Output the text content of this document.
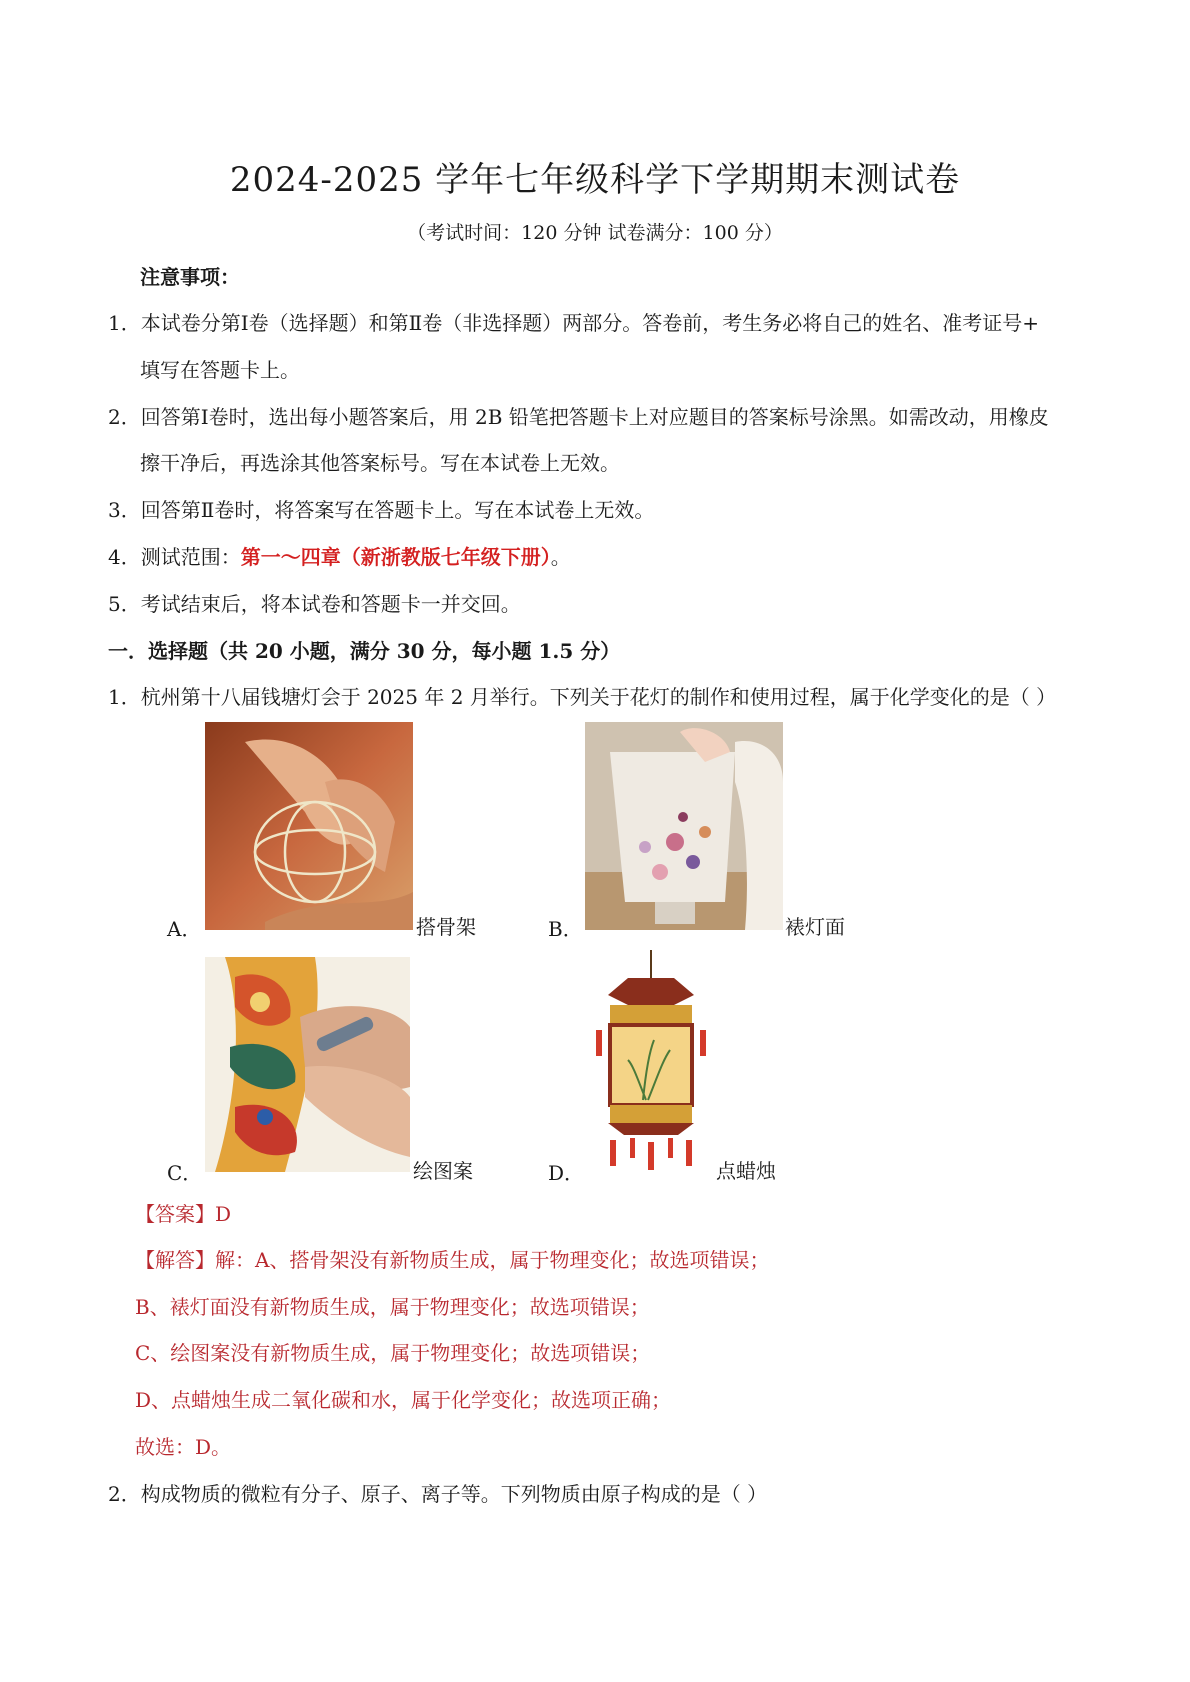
2024-2025 学年七年级科学下学期期末测试卷
（考试时间：120 分钟 试卷满分：100 分）
注意事项：
1．本试卷分第Ⅰ卷（选择题）和第Ⅱ卷（非选择题）两部分。答卷前，考生务必将自己的姓名、准考证号+
填写在答题卡上。
2．回答第Ⅰ卷时，选出每小题答案后，用 2B 铅笔把答题卡上对应题目的答案标号涂黑。如需改动，用橡皮
擦干净后，再选涂其他答案标号。写在本试卷上无效。
3．回答第Ⅱ卷时，将答案写在答题卡上。写在本试卷上无效。
4．测试范围：第一～四章（新浙教版七年级下册）。
5．考试结束后，将本试卷和答题卡一并交回。
一．选择题（共 20 小题，满分 30 分，每小题 1.5 分）
1．杭州第十八届钱塘灯会于 2025 年 2 月举行。下列关于花灯的制作和使用过程，属于化学变化的是（ ）
A．	搭骨架	B．	裱灯面
C．	绘图案	D．	点蜡烛
【答案】D
【解答】解：A、搭骨架没有新物质生成，属于物理变化；故选项错误；
B、裱灯面没有新物质生成，属于物理变化；故选项错误；
C、绘图案没有新物质生成，属于物理变化；故选项错误；
D、点蜡烛生成二氧化碳和水，属于化学变化；故选项正确；
故选：D。
2．构成物质的微粒有分子、原子、离子等。下列物质由原子构成的是（ ）
